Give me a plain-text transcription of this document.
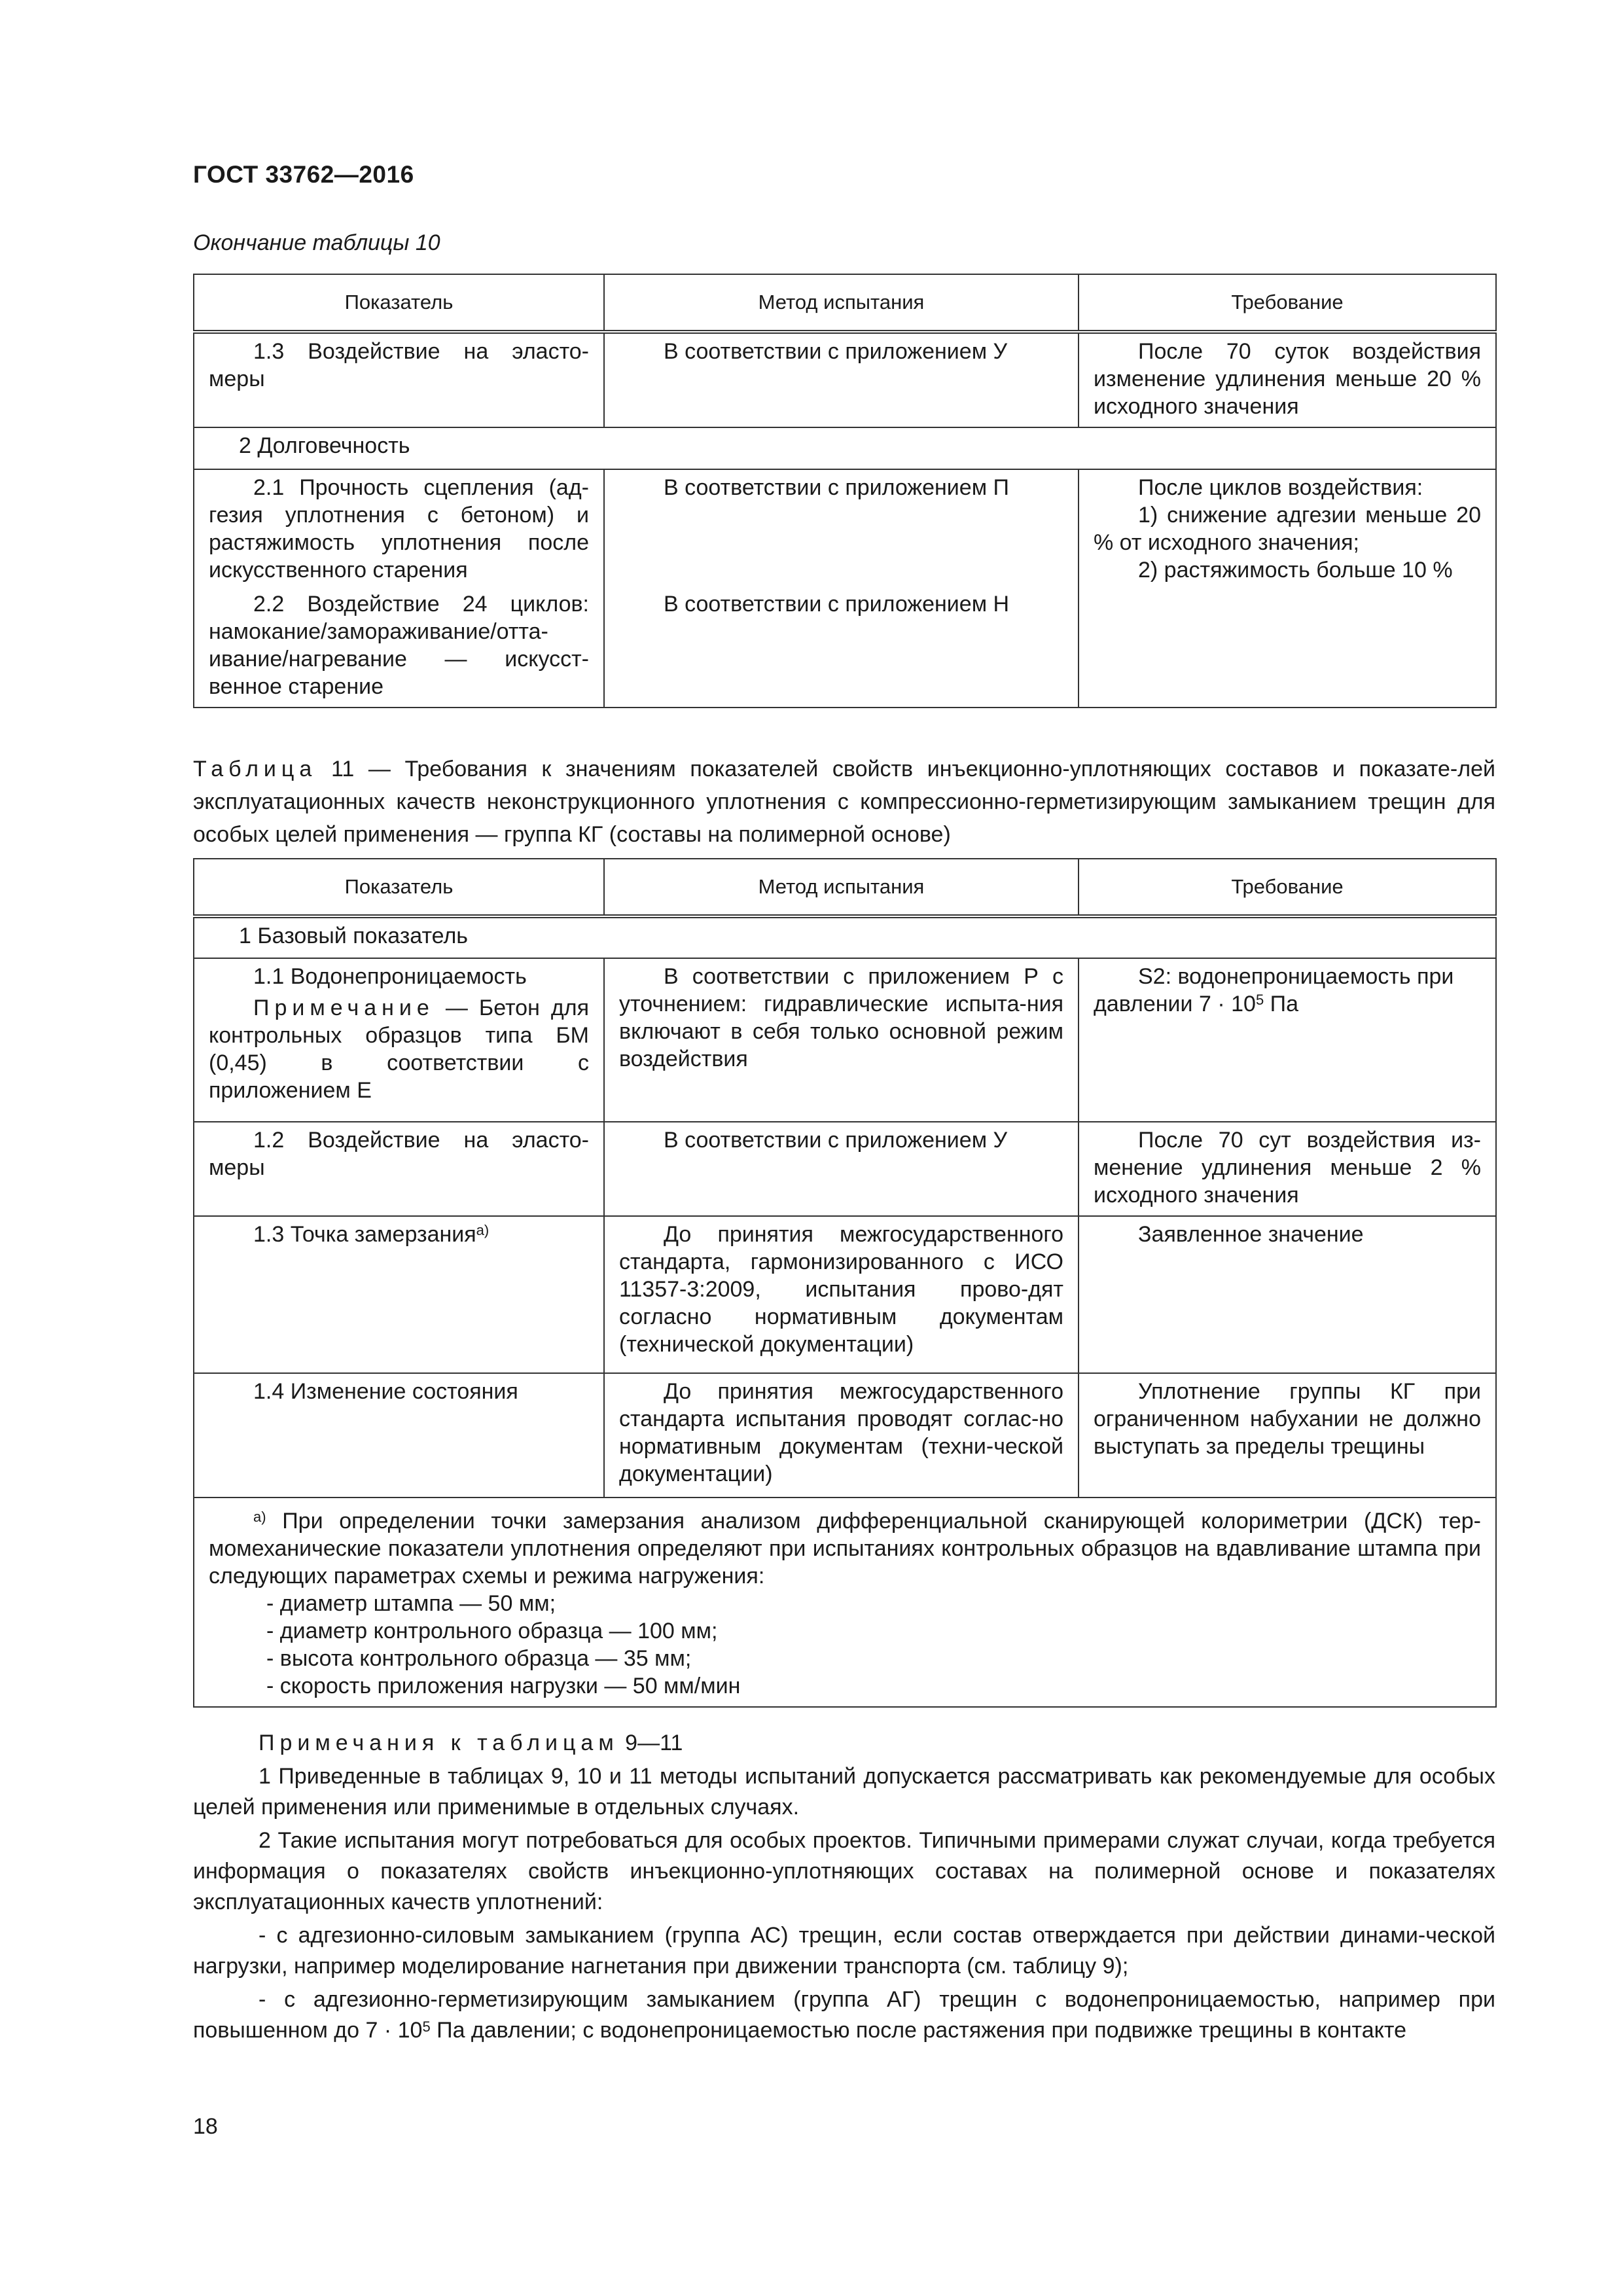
ГОСТ 33762—2016
Окончание таблицы 10
Показатель	Метод испытания	Требование
1.3 Воздействие на эласто-меры	В соответствии с приложением У	После 70 суток воздействия изменение удлинения меньше 20 % исходного значения
2 Долговечность		
2.1 Прочность сцепления (ад-гезия уплотнения с бетоном) и растяжимость уплотнения после искусственного старения	В соответствии с приложением П	После циклов воздействия:
1) снижение адгезии меньше 20 % от исходного значения;
2) растяжимость больше 10 %

2.2 Воздействие 24 циклов: намокание/замораживание/отта-ивание/нагревание — искусст-венное старение	В соответствии с приложением Н	
Таблица 11 — Требования к значениям показателей свойств инъекционно-уплотняющих составов и показате-лей эксплуатационных качеств неконструкционного уплотнения с компрессионно-герметизирующим замыканием трещин для особых целей применения — группа КГ (составы на полимерной основе)
Показатель	Метод испытания	Требование
1 Базовый показатель		

1.1 Водонепроницаемость
Примечание — Бетон для контрольных образцов типа БМ (0,45) в соответствии с приложением Е	В соответствии с приложением Р с уточнением: гидравлические испыта-ния включают в себя только основной режим воздействия	S2: водонепроницаемость при давлении $7 \cdot 10^5$ Па
1.2 Воздействие на эласто-меры	В соответствии с приложением У	После 70 сут воздействия из-менение удлинения меньше 2 % исходного значения
1.3 Точка замерзания$^{а)}$	До принятия межгосударственного стандарта, гармонизированного с ИСО 11357-3:2009, испытания прово-дят согласно нормативным документам (технической документации)	Заявленное значение
1.4 Изменение состояния	До принятия межгосударственного стандарта испытания проводят соглас-но нормативным документам (техни-ческой документации)	Уплотнение группы КГ при ограниченном набухании не должно выступать за пределы трещины

$^{а)}$ При определении точки замерзания анализом дифференциальной сканирующей колориметрии (ДСК) тер-момеханические показатели уплотнения определяют при испытаниях контрольных образцов на вдавливание штампа при следующих параметрах схемы и режима нагружения:

- диаметр штампа — 50 мм;

- диаметр контрольного образца — 100 мм;

- высота контрольного образца — 35 мм;

- скорость приложения нагрузки — 50 мм/мин		

Примечания к таблицам 9—11

1 Приведенные в таблицах 9, 10 и 11 методы испытаний допускается рассматривать как рекомендуемые для особых целей применения или применимые в отдельных случаях.

2 Такие испытания могут потребоваться для особых проектов. Типичными примерами служат случаи, когда требуется информация о показателях свойств инъекционно-уплотняющих составах на полимерной основе и показателях эксплуатационных качеств уплотнений:

- с адгезионно-силовым замыканием (группа АС) трещин, если состав отверждается при действии динами-ческой нагрузки, например моделирование нагнетания при движении транспорта (см. таблицу 9);

- с адгезионно-герметизирующим замыканием (группа АГ) трещин с водонепроницаемостью, например при повышенном до $7 \cdot 10^5$ Па давлении; с водонепроницаемостью после растяжения при подвижке трещины в контакте

18
